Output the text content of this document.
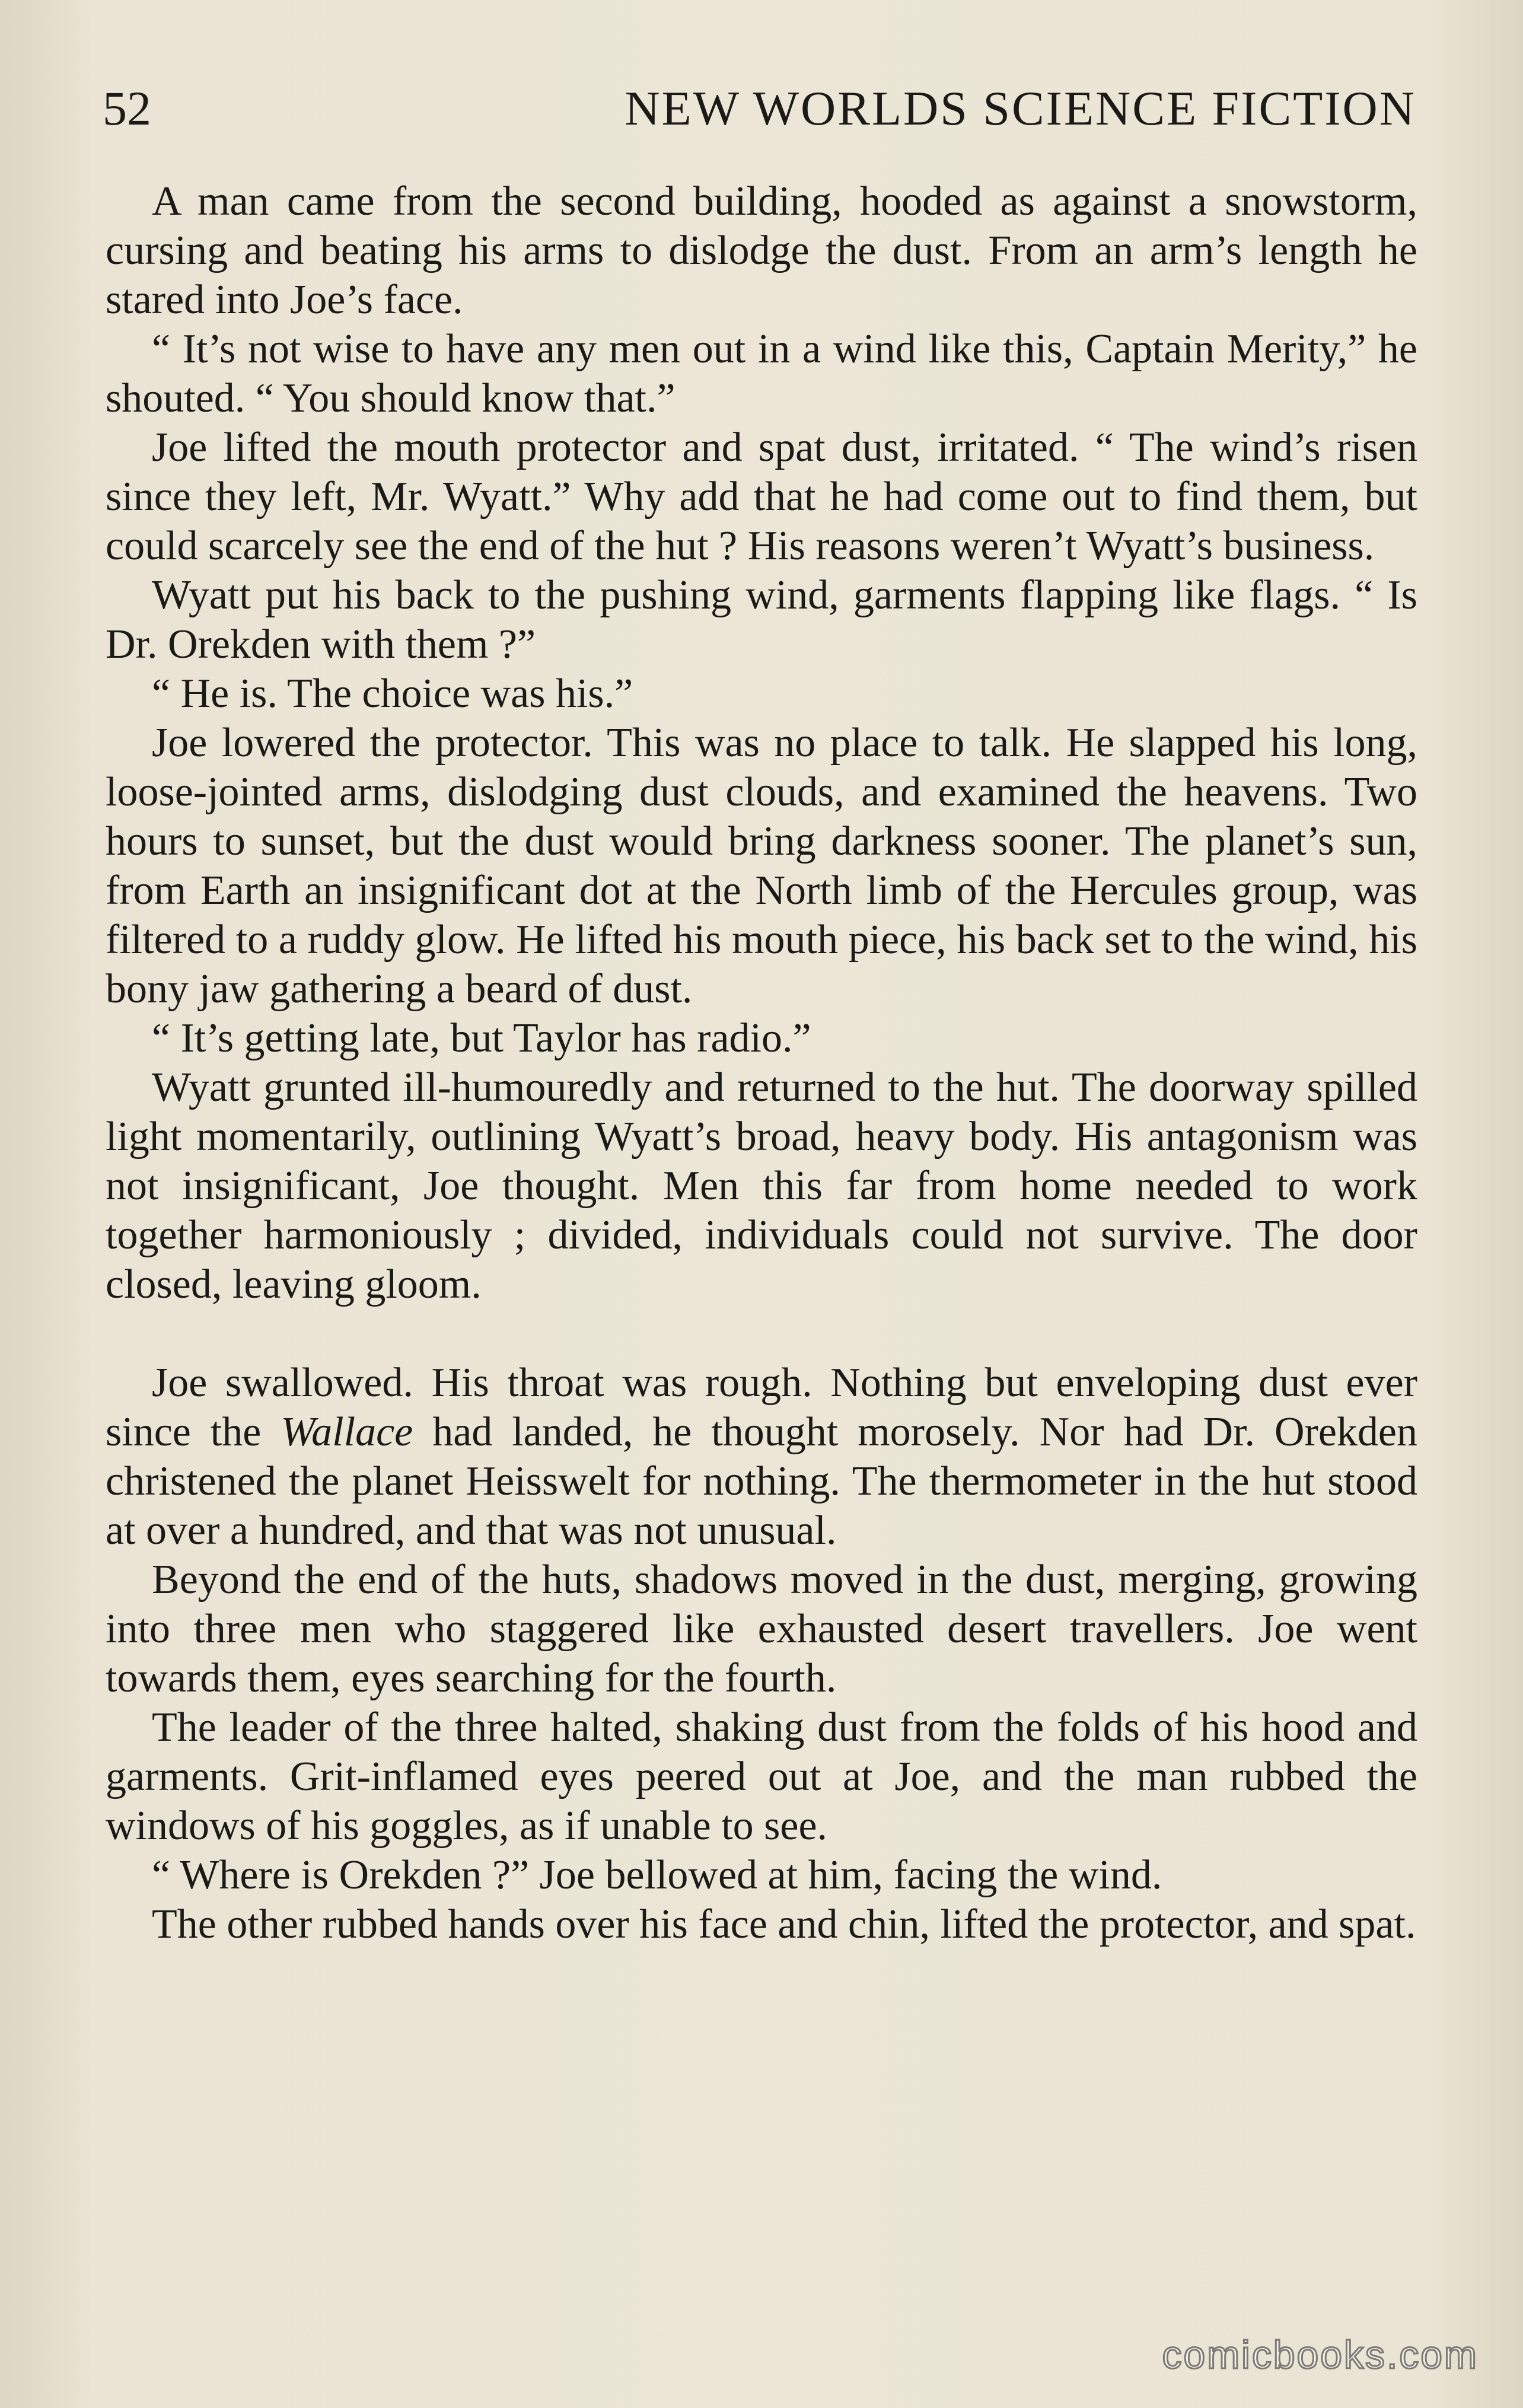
52	NEW WORLDS SCIENCE FICTION

A man came from the second building, hooded as against a snowstorm, cursing and beating his arms to dislodge the dust. From an arm’s length he stared into Joe’s face.

“ It’s not wise to have any men out in a wind like this, Captain Merity,” he shouted. “ You should know that.”

Joe lifted the mouth protector and spat dust, irritated. “ The wind’s risen since they left, Mr. Wyatt.” Why add that he had come out to find them, but could scarcely see the end of the hut ? His reasons weren’t Wyatt’s business.

Wyatt put his back to the pushing wind, garments flapping like flags. “ Is Dr. Orekden with them ?”

“ He is. The choice was his.”

Joe lowered the protector. This was no place to talk. He slapped his long, loose-jointed arms, dislodging dust clouds, and examined the heavens. Two hours to sunset, but the dust would bring darkness sooner. The planet’s sun, from Earth an insignificant dot at the North limb of the Hercules group, was filtered to a ruddy glow. He lifted his mouth piece, his back set to the wind, his bony jaw gathering a beard of dust.

“ It’s getting late, but Taylor has radio.”

Wyatt grunted ill-humouredly and returned to the hut. The doorway spilled light momentarily, outlining Wyatt’s broad, heavy body. His antagonism was not insignificant, Joe thought. Men this far from home needed to work together harmoniously ; divided, individuals could not survive. The door closed, leaving gloom.

Joe swallowed. His throat was rough. Nothing but enveloping dust ever since the Wallace had landed, he thought morosely. Nor had Dr. Orekden christened the planet Heisswelt for nothing. The thermometer in the hut stood at over a hundred, and that was not unusual.

Beyond the end of the huts, shadows moved in the dust, merging, growing into three men who staggered like exhausted desert travellers. Joe went towards them, eyes searching for the fourth.

The leader of the three halted, shaking dust from the folds of his hood and garments. Grit-inflamed eyes peered out at Joe, and the man rubbed the windows of his goggles, as if unable to see.

“ Where is Orekden ?” Joe bellowed at him, facing the wind.

The other rubbed hands over his face and chin, lifted the protector, and spat.

comicbooks.com
